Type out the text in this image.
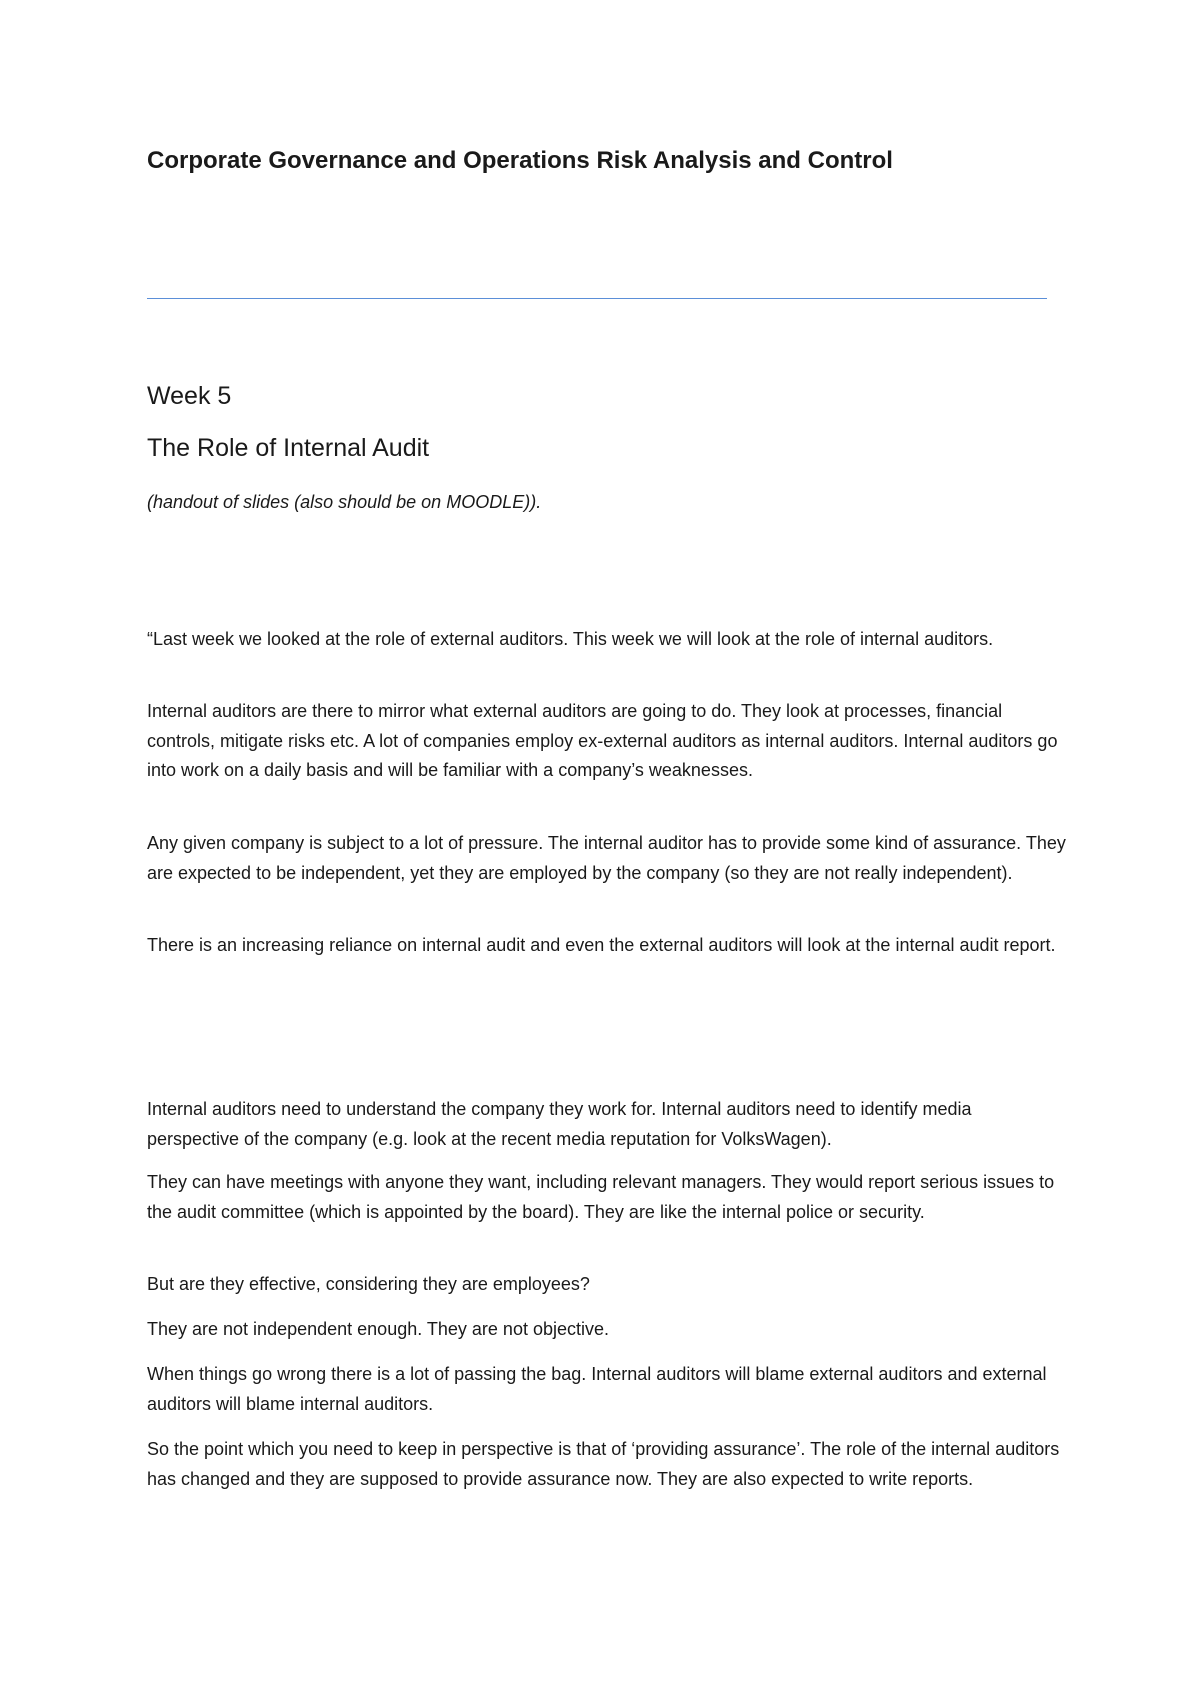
Corporate Governance and Operations Risk Analysis and Control
Week 5
The Role of Internal Audit
(handout of slides (also should be on MOODLE)).

“Last week we looked at the role of external auditors. This week we will look at the role of internal auditors.

Internal auditors are there to mirror what external auditors are going to do. They look at processes, financial controls, mitigate risks etc. A lot of companies employ ex-external auditors as internal auditors. Internal auditors go into work on a daily basis and will be familiar with a company’s weaknesses.

Any given company is subject to a lot of pressure. The internal auditor has to provide some kind of assurance. They are expected to be independent, yet they are employed by the company (so they are not really independent).

There is an increasing reliance on internal audit and even the external auditors will look at the internal audit report.

Internal auditors need to understand the company they work for. Internal auditors need to identify media perspective of the company (e.g. look at the recent media reputation for VolksWagen).

They can have meetings with anyone they want, including relevant managers. They would report serious issues to the audit committee (which is appointed by the board). They are like the internal police or security.

But are they effective, considering they are employees?

They are not independent enough. They are not objective.

When things go wrong there is a lot of passing the bag. Internal auditors will blame external auditors and external auditors will blame internal auditors.

So the point which you need to keep in perspective is that of ‘providing assurance’. The role of the internal auditors has changed and they are supposed to provide assurance now. They are also expected to write reports.
